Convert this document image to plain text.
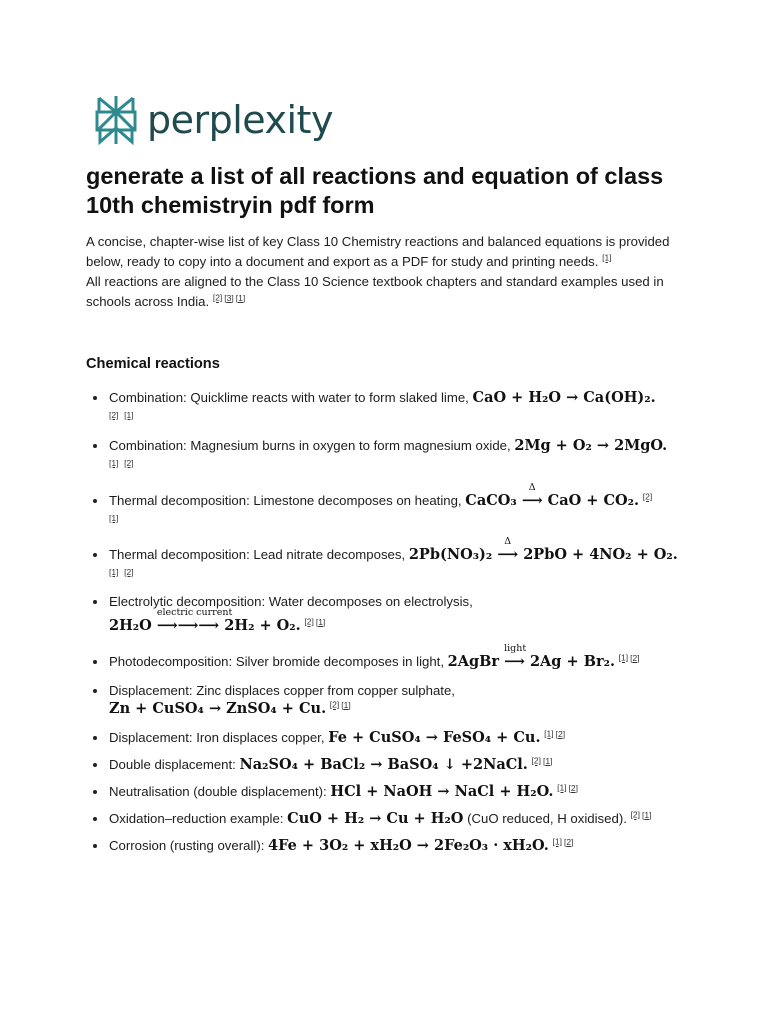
perplexity
generate a list of all reactions and equation of class 10th chemistryin pdf form

A concise, chapter-wise list of key Class 10 Chemistry reactions and balanced equations is provided below, ready to copy into a document and export as a PDF for study and printing needs. [1]

All reactions are aligned to the Class 10 Science textbook chapters and standard examples used in schools across India. [2] [3] [1]

Chemical reactions
Combination: Quicklime reacts with water to form slaked lime, CaO + H₂O → Ca(OH)₂.
[2] [1]
Combination: Magnesium burns in oxygen to form magnesium oxide, 2Mg + O₂ → 2MgO.
[1] [2]
Thermal decomposition: Limestone decomposes on heating, CaCO₃
Δ
⟶ CaO + CO₂. [2]
[1]
Thermal decomposition: Lead nitrate decomposes, 2Pb(NO₃)₂
Δ
⟶ 2PbO + 4NO₂ + O₂.
[1] [2]
Electrolytic decomposition: Water decomposes on electrolysis,
2H₂O
electric current
⟶⟶⟶ 2H₂ + O₂. [2] [1]
Photodecomposition: Silver bromide decomposes in light, 2AgBr
light
⟶ 2Ag + Br₂. [1] [2]
Displacement: Zinc displaces copper from copper sulphate,
Zn + CuSO₄ → ZnSO₄ + Cu. [2] [1]
Displacement: Iron displaces copper, Fe + CuSO₄ → FeSO₄ + Cu. [1] [2]
Double displacement: Na₂SO₄ + BaCl₂ → BaSO₄ ↓ +2NaCl. [2] [1]
Neutralisation (double displacement): HCl + NaOH → NaCl + H₂O. [1] [2]
Oxidation–reduction example: CuO + H₂ → Cu + H₂O (CuO reduced, H oxidised). [2] [1]
Corrosion (rusting overall): 4Fe + 3O₂ + xH₂O → 2Fe₂O₃ · xH₂O. [1] [2]
